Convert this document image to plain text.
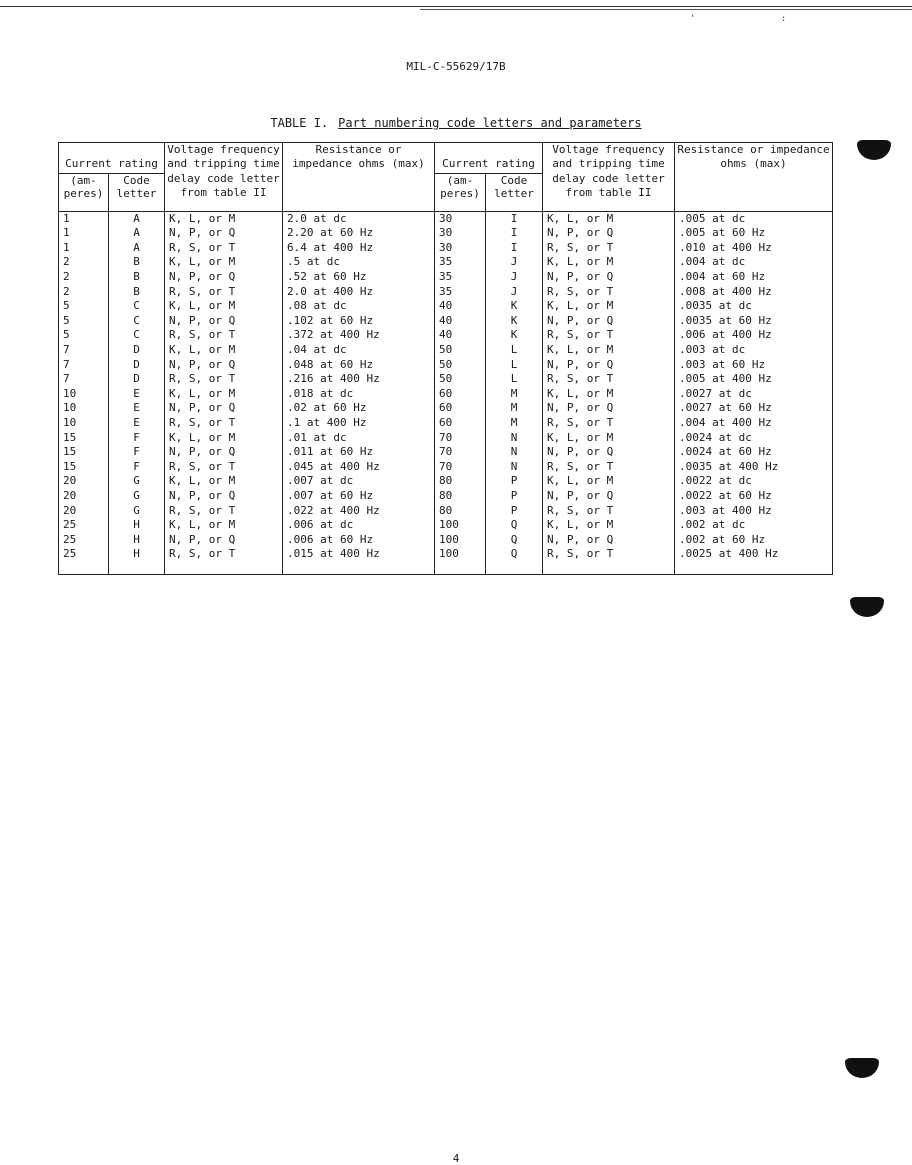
' :
MIL-C-55629/17B
TABLE I. Part numbering code letters and parameters
Current rating		Voltage frequency and tripping time delay code letter from table II	Resistance or impedance ohms (max)	Current rating		Voltage frequency and tripping time delay code letter from table II	Resistance or impedance ohms (max)
(am- peres)	Code letter			(am- peres)	Code letter		

1	A	K, L, or M	2.0 at dc	30	I	K, L, or M	.005 at dc
1	A	N, P, or Q	2.20 at 60 Hz	30	I	N, P, or Q	.005 at 60 Hz
1	A	R, S, or T	6.4 at 400 Hz	30	I	R, S, or T	.010 at 400 Hz
2	B	K, L, or M	.5 at dc	35	J	K, L, or M	.004 at dc
2	B	N, P, or Q	.52 at 60 Hz	35	J	N, P, or Q	.004 at 60 Hz
2	B	R, S, or T	2.0 at 400 Hz	35	J	R, S, or T	.008 at 400 Hz
5	C	K, L, or M	.08 at dc	40	K	K, L, or M	.0035 at dc
5	C	N, P, or Q	.102 at 60 Hz	40	K	N, P, or Q	.0035 at 60 Hz
5	C	R, S, or T	.372 at 400 Hz	40	K	R, S, or T	.006 at 400 Hz
7	D	K, L, or M	.04 at dc	50	L	K, L, or M	.003 at dc
7	D	N, P, or Q	.048 at 60 Hz	50	L	N, P, or Q	.003 at 60 Hz
7	D	R, S, or T	.216 at 400 Hz	50	L	R, S, or T	.005 at 400 Hz
10	E	K, L, or M	.018 at dc	60	M	K, L, or M	.0027 at dc
10	E	N, P, or Q	.02 at 60 Hz	60	M	N, P, or Q	.0027 at 60 Hz
10	E	R, S, or T	.1 at 400 Hz	60	M	R, S, or T	.004 at 400 Hz
15	F	K, L, or M	.01 at dc	70	N	K, L, or M	.0024 at dc
15	F	N, P, or Q	.011 at 60 Hz	70	N	N, P, or Q	.0024 at 60 Hz
15	F	R, S, or T	.045 at 400 Hz	70	N	R, S, or T	.0035 at 400 Hz
20	G	K, L, or M	.007 at dc	80	P	K, L, or M	.0022 at dc
20	G	N, P, or Q	.007 at 60 Hz	80	P	N, P, or Q	.0022 at 60 Hz
20	G	R, S, or T	.022 at 400 Hz	80	P	R, S, or T	.003 at 400 Hz
25	H	K, L, or M	.006 at dc	100	Q	K, L, or M	.002 at dc
25	H	N, P, or Q	.006 at 60 Hz	100	Q	N, P, or Q	.002 at 60 Hz
25	H	R, S, or T	.015 at 400 Hz	100	Q	R, S, or T	.0025 at 400 Hz

4
